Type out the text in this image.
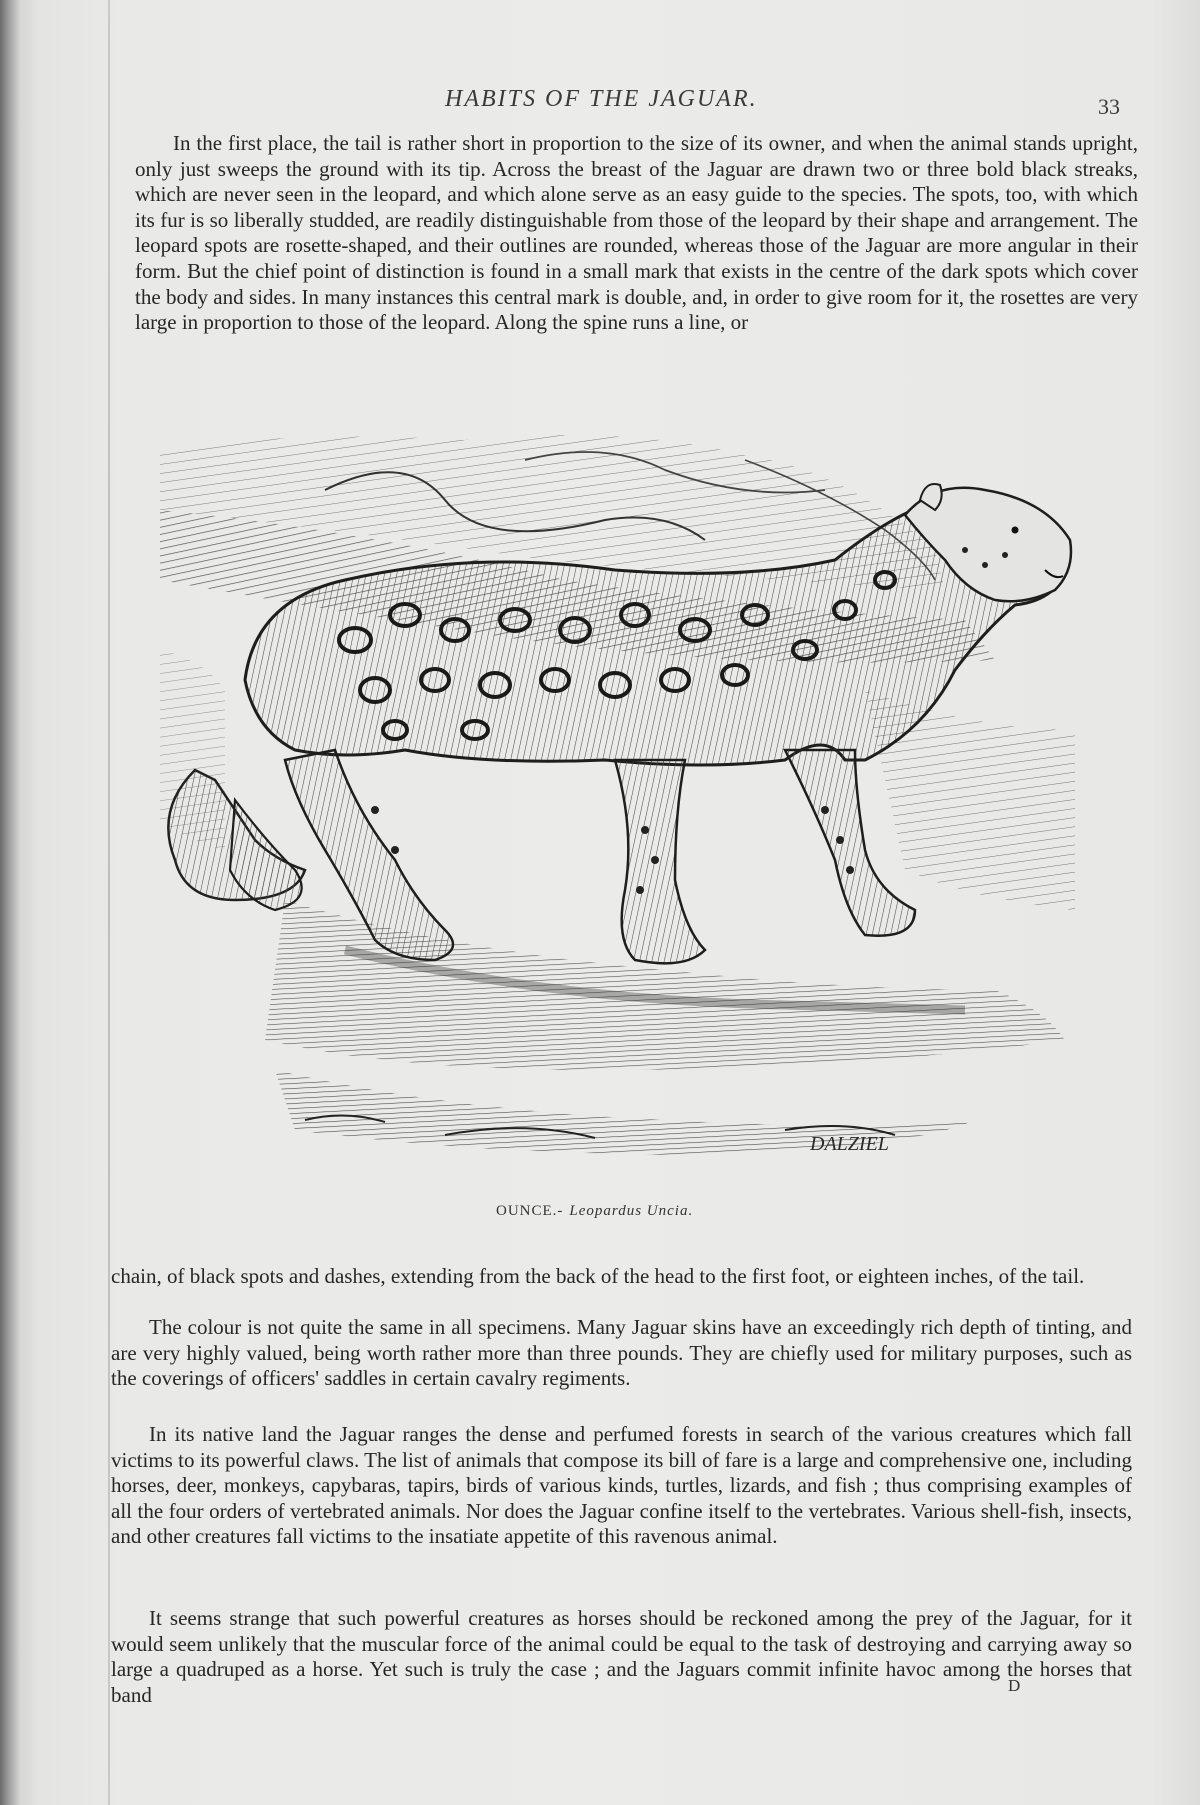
HABITS OF THE JAGUAR.	33

In the first place, the tail is rather short in proportion to the size of its owner, and when the animal stands upright, only just sweeps the ground with its tip. Across the breast of the Jaguar are drawn two or three bold black streaks, which are never seen in the leopard, and which alone serve as an easy guide to the species. The spots, too, with which its fur is so liberally studded, are readily distinguishable from those of the leopard by their shape and arrangement. The leopard spots are rosette-shaped, and their outlines are rounded, whereas those of the Jaguar are more angular in their form. But the chief point of distinction is found in a small mark that exists in the centre of the dark spots which cover the body and sides. In many instances this central mark is double, and, in order to give room for it, the rosettes are very large in proportion to those of the leopard. Along the spine runs a line, or

DALZIEL
OUNCE.- Leopardus Uncia.

chain, of black spots and dashes, extending from the back of the head to the first foot, or eighteen inches, of the tail.

The colour is not quite the same in all specimens. Many Jaguar skins have an exceedingly rich depth of tinting, and are very highly valued, being worth rather more than three pounds. They are chiefly used for military purposes, such as the coverings of officers' saddles in certain cavalry regiments.

In its native land the Jaguar ranges the dense and perfumed forests in search of the various creatures which fall victims to its powerful claws. The list of animals that compose its bill of fare is a large and comprehensive one, including horses, deer, monkeys, capybaras, tapirs, birds of various kinds, turtles, lizards, and fish ; thus comprising examples of all the four orders of vertebrated animals. Nor does the Jaguar confine itself to the vertebrates. Various shell-fish, insects, and other creatures fall victims to the insatiate appetite of this ravenous animal.

It seems strange that such powerful creatures as horses should be reckoned among the prey of the Jaguar, for it would seem unlikely that the muscular force of the animal could be equal to the task of destroying and carrying away so large a quadruped as a horse. Yet such is truly the case ; and the Jaguars commit infinite havoc among the horses that band	D
